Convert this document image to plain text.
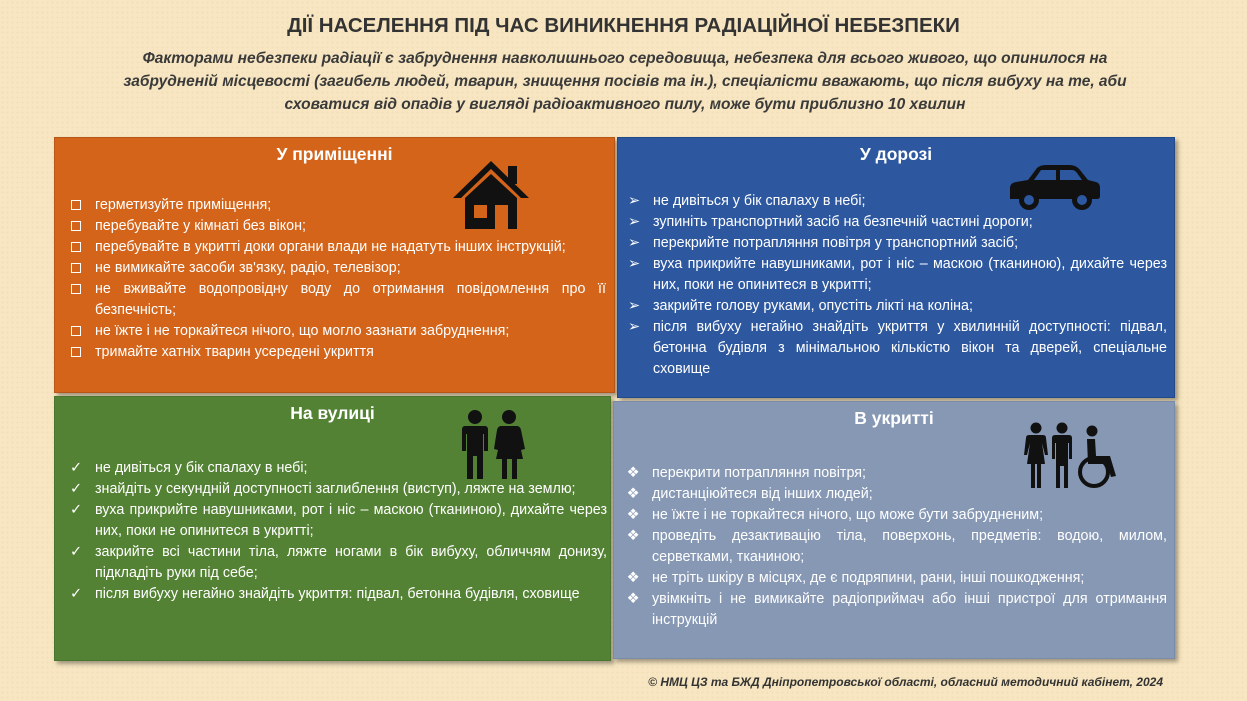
ДІЇ НАСЕЛЕННЯ ПІД ЧАС ВИНИКНЕННЯ РАДІАЦІЙНОЇ НЕБЕЗПЕКИ
Факторами небезпеки радіації є забруднення навколишнього середовища, небезпека для всього живого, що опинилося на забрудненій місцевості (загибель людей, тварин, знищення посівів та ін.), спеціалісти вважають, що після вибуху на те, аби сховатися від опадів у вигляді радіоактивного пилу, може бути приблизно 10 хвилин
У приміщенні
герметизуйте приміщення;
перебувайте у кімнаті без вікон;
перебувайте в укритті доки органи влади не надатуть інших інструкцій;
не вимикайте засоби зв'язку, радіо, телевізор;
не вживайте водопровідну воду до отримання повідомлення про її безпечність;
не їжте і не торкайтеся нічого, що могло зазнати забруднення;
тримайте хатніх тварин усередені укриття
У дорозі
➢ не дивіться у бік спалаху в небі;
➢ зупиніть транспортний засіб на безпечній частині дороги;
➢ перекрийте потрапляння повітря у транспортний засіб;
➢ вуха прикрийте навушниками, рот і ніс – маскою (тканиною), дихайте через них, поки не опинитеся в укритті;
➢ закрийте голову руками, опустіть лікті на коліна;
➢ після вибуху негайно знайдіть укриття у хвилинній доступності: підвал, бетонна будівля з мінімальною кількістю вікон та дверей, спеціальне сховище
На вулиці
✓ не дивіться у бік спалаху в небі;
✓ знайдіть у секундній доступності заглиблення (виступ), ляжте на землю;
✓ вуха прикрийте навушниками, рот і ніс – маскою (тканиною), дихайте через них, поки не опинитеся в укритті;
✓ закрийте всі частини тіла, ляжте ногами в бік вибуху, обличчям донизу, підкладіть руки під себе;
✓ після вибуху негайно знайдіть укриття: підвал, бетонна будівля, сховище
В укритті
❖ перекрити потрапляння повітря;
❖ дистанціюйтеся від інших людей;
❖ не їжте і не торкайтеся нічого, що може бути забрудненим;
❖ проведіть дезактивацію тіла, поверхонь, предметів: водою, милом, серветками, тканиною;
❖ не тріть шкіру в місцях, де є подряпини, рани, інші пошкодження;
❖ увімкніть і не вимикайте радіоприймач або інші пристрої для отримання інструкцій
© НМЦ ЦЗ та БЖД Дніпропетровської області, обласний методичний кабінет, 2024
